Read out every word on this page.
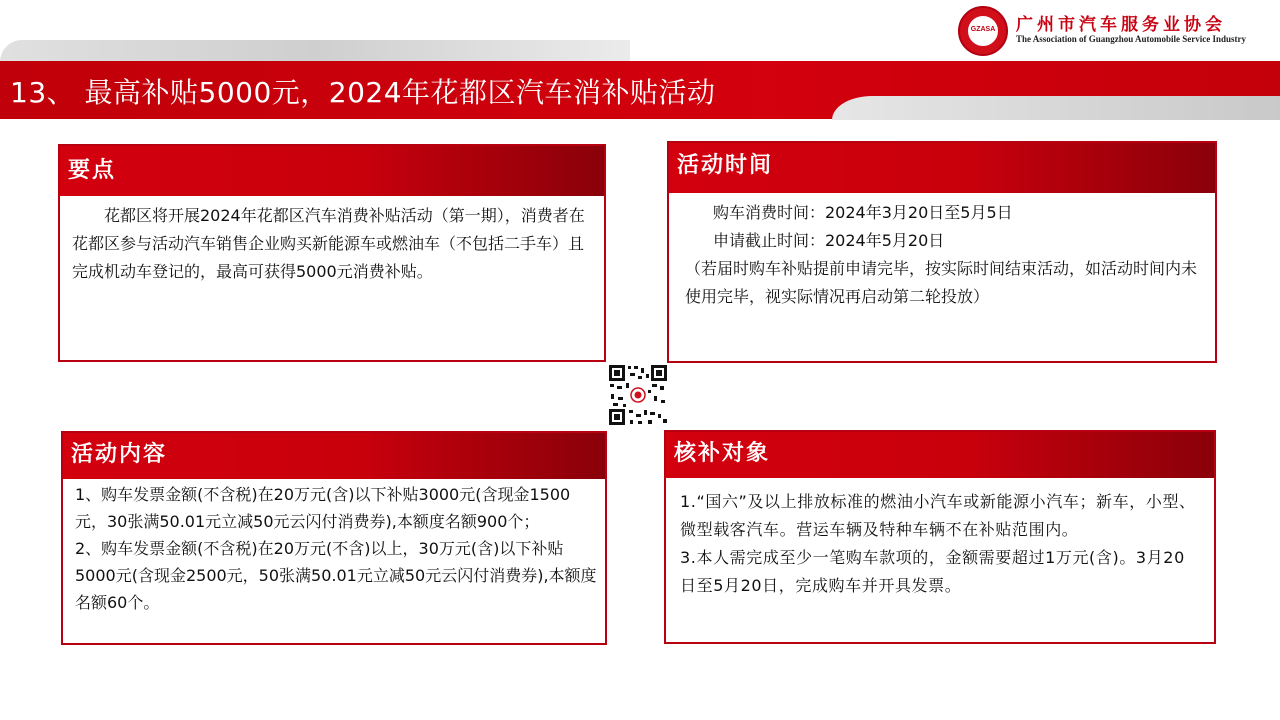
13、 最高补贴5000元，2024年花都区汽车消补贴活动
GZASA 广州市汽车服务业协会
The Association of Guangzhou Automobile Service Industry
要点

花都区将开展2024年花都区汽车消费补贴活动（第一期），消费者在花都区参与活动汽车销售企业购买新能源车或燃油车（不包括二手车）且完成机动车登记的，最高可获得5000元消费补贴。

活动时间
购车消费时间：2024年3月20日至5月5日
申请截止时间：2024年5月20日
（若届时购车补贴提前申请完毕，按实际时间结束活动，如活动时间内未使用完毕，视实际情况再启动第二轮投放）
活动内容
1、购车发票金额(不含税)在20万元(含)以下补贴3000元(含现金1500元，30张满50.01元立减50元云闪付消费券),本额度名额900个；
2、购车发票金额(不含税)在20万元(不含)以上，30万元(含)以下补贴5000元(含现金2500元，50张满50.01元立减50元云闪付消费券),本额度名额60个。
核补对象
1.“国六”及以上排放标准的燃油小汽车或新能源小汽车；新车，小型、微型载客汽车。营运车辆及特种车辆不在补贴范围内。
3.本人需完成至少一笔购车款项的，金额需要超过1万元(含)。3月20日至5月20日，完成购车并开具发票。
